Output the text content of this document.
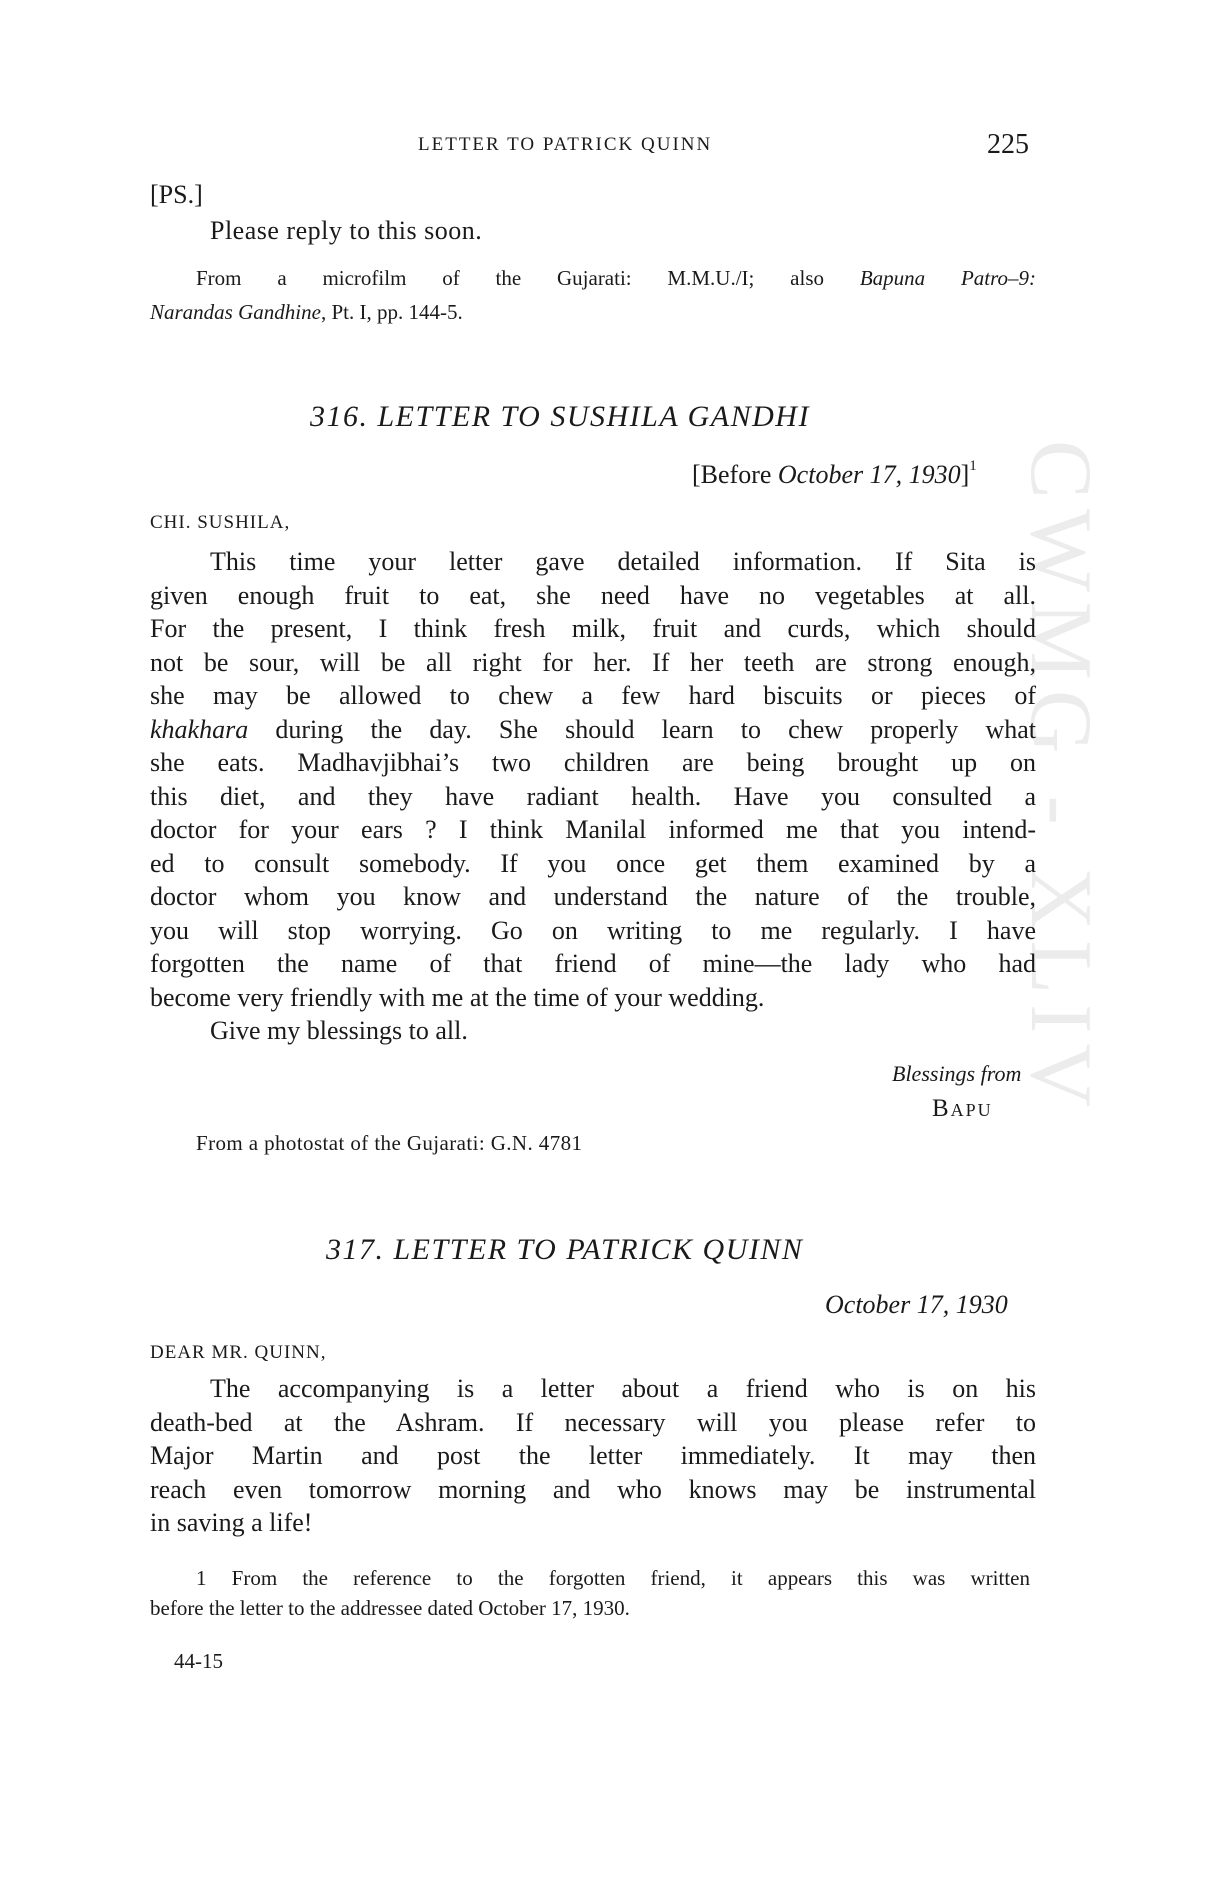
CWMG - XLIV
LETTER TO PATRICK QUINN	225
[PS.]
Please reply to this soon.
From a microfilm of the Gujarati: M.M.U./I; also Bapuna Patro–9:
Narandas Gandhine, Pt. I, pp. 144-5.
316. LETTER TO SUSHILA GANDHI
[Before October 17, 1930]$^1$
CHI. SUSHILA,
This time your letter gave detailed information. If Sita is
given enough fruit to eat, she need have no vegetables at all.
For the present, I think fresh milk, fruit and curds, which should
not be sour, will be all right for her. If her teeth are strong enough,
she may be allowed to chew a few hard biscuits or pieces of
khakhara during the day. She should learn to chew properly what
she eats. Madhavjibhai’s two children are being brought up on
this diet, and they have radiant health. Have you consulted a
doctor for your ears ? I think Manilal informed me that you intend-
ed to consult somebody. If you once get them examined by a
doctor whom you know and understand the nature of the trouble,
you will stop worrying. Go on writing to me regularly. I have
forgotten the name of that friend of mine—the lady who had
become very friendly with me at the time of your wedding.
Give my blessings to all.
Blessings from
Bapu
From a photostat of the Gujarati: G.N. 4781
317. LETTER TO PATRICK QUINN
October 17, 1930
DEAR MR. QUINN,
The accompanying is a letter about a friend who is on his
death-bed at the Ashram. If necessary will you please refer to
Major Martin and post the letter immediately. It may then
reach even tomorrow morning and who knows may be instrumental
in saving a life!
1 From the reference to the forgotten friend, it appears this was written
before the letter to the addressee dated October 17, 1930.
44-15
